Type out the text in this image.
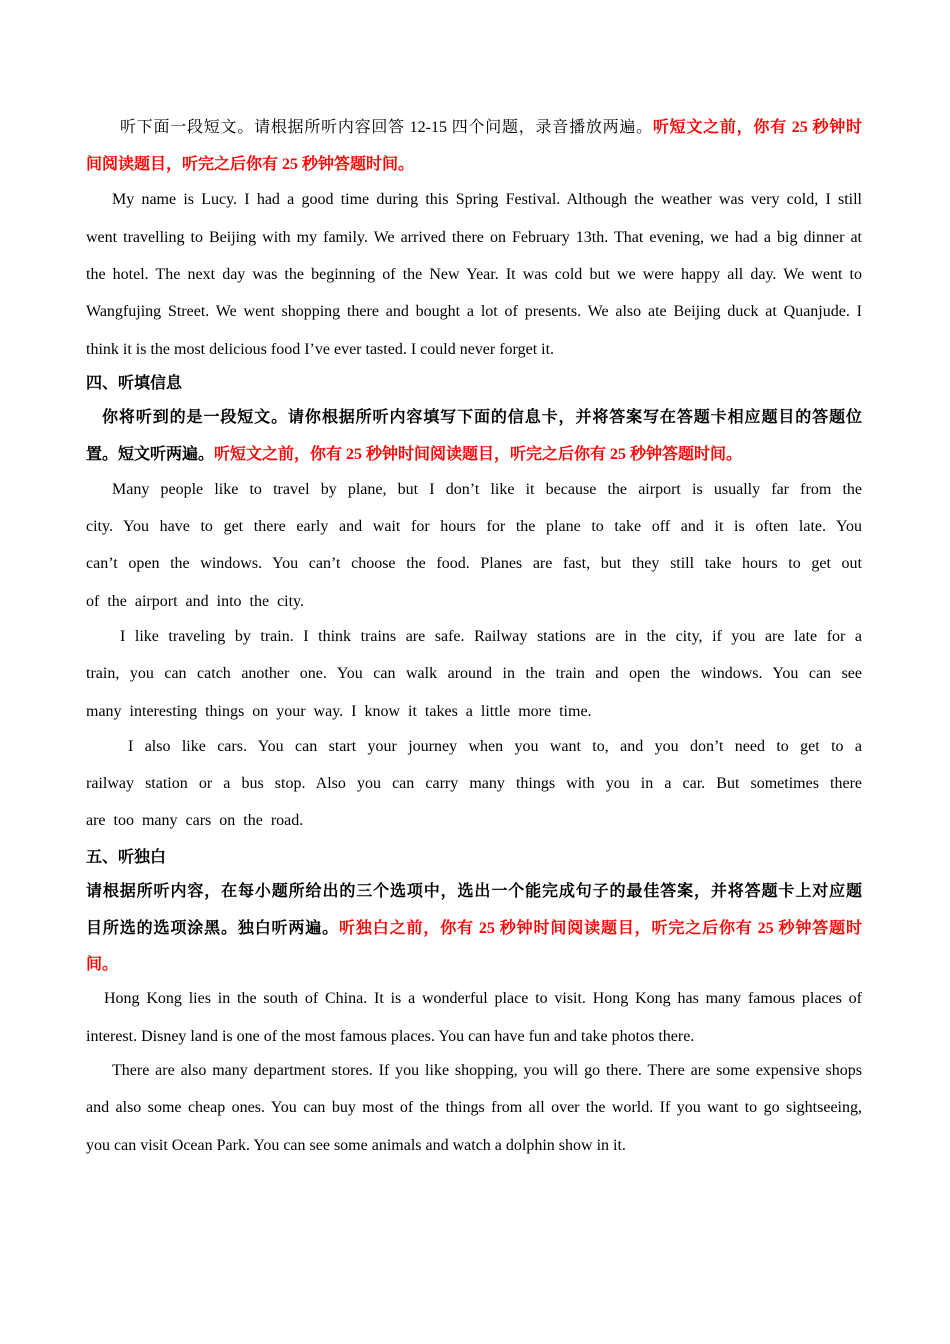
听下面一段短文。请根据所听内容回答 12-15 四个问题，录音播放两遍。听短文之前，你有 25 秒钟时
间阅读题目，听完之后你有 25 秒钟答题时间。
My name is Lucy. I had a good time during this Spring Festival. Although the weather was very cold, I still
went travelling to Beijing with my family. We arrived there on February 13th. That evening, we had a big dinner at
the hotel. The next day was the beginning of the New Year. It was cold but we were happy all day. We went to
Wangfujing Street. We went shopping there and bought a lot of presents. We also ate Beijing duck at Quanjude. I
think it is the most delicious food I’ve ever tasted. I could never forget it.
四、听填信息
你将听到的是一段短文。请你根据所听内容填写下面的信息卡，并将答案写在答题卡相应题目的答题位
置。短文听两遍。听短文之前，你有 25 秒钟时间阅读题目，听完之后你有 25 秒钟答题时间。
Many people like to travel by plane, but I don’t like it because the airport is usually far from the
city. You have to get there early and wait for hours for the plane to take off and it is often late. You
can’t open the windows. You can’t choose the food. Planes are fast, but they still take hours to get out
of the airport and into the city.
I like traveling by train. I think trains are safe. Railway stations are in the city, if you are late for a
train, you can catch another one. You can walk around in the train and open the windows. You can see
many interesting things on your way. I know it takes a little more time.
I also like cars. You can start your journey when you want to, and you don’t need to get to a
railway station or a bus stop. Also you can carry many things with you in a car. But sometimes there
are too many cars on the road.
五、听独白
请根据所听内容，在每小题所给出的三个选项中，选出一个能完成句子的最佳答案，并将答题卡上对应题
目所选的选项涂黑。独白听两遍。听独白之前，你有 25 秒钟时间阅读题目，听完之后你有 25 秒钟答题时
间。
Hong Kong lies in the south of China. It is a wonderful place to visit. Hong Kong has many famous places of
interest. Disney land is one of the most famous places. You can have fun and take photos there.
There are also many department stores. If you like shopping, you will go there. There are some expensive shops
and also some cheap ones. You can buy most of the things from all over the world. If you want to go sightseeing,
you can visit Ocean Park. You can see some animals and watch a dolphin show in it.
